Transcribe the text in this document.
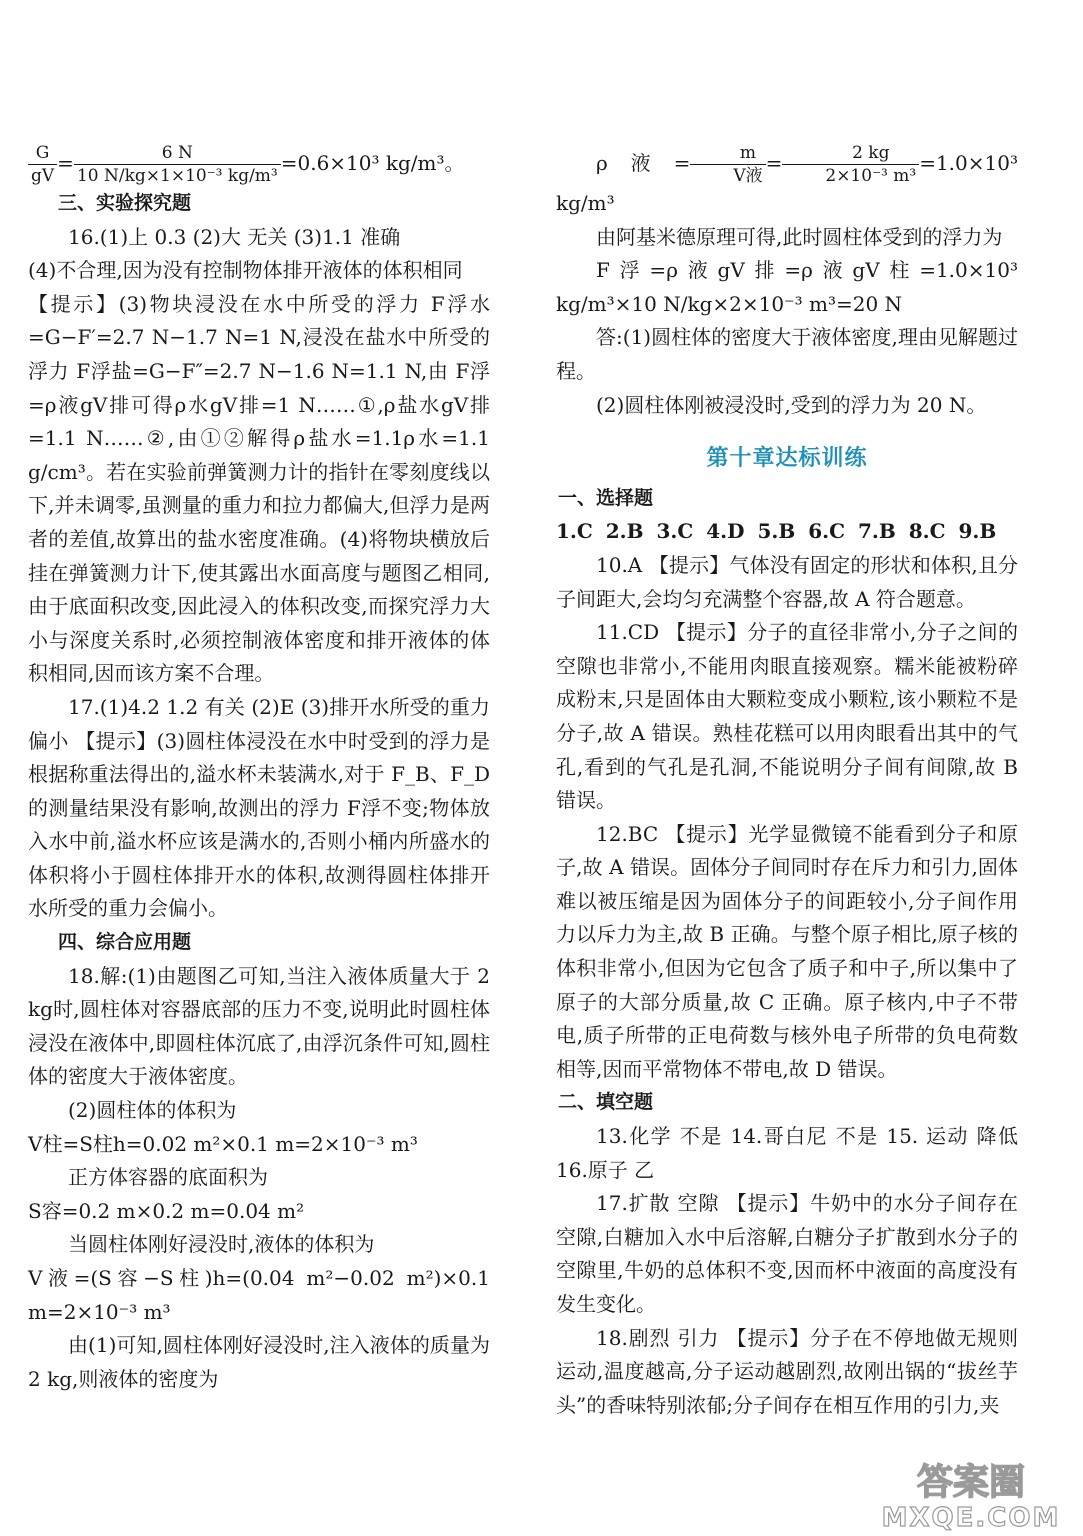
$\frac{G}{gV} = \frac{6 N}{\text{10 N/kg×1×10⁻³ kg/m³}} =0.6\times 10^3$ kg/m³。

三、实验探究题

16.(1)上 0.3 (2)大 无关 (3)1.1 准确

(4)不合理,因为没有控制物体排开液体的体积相同

【提示】(3)物块浸没在水中所受的浮力 F浮水=G−F′=2.7 N−1.7 N=1 N,浸没在盐水中所受的浮力 F浮盐=G−F″=2.7 N−1.6 N=1.1 N,由 F浮=ρ液gV排可得ρ水gV排=1 N……①,ρ盐水gV排=1.1 N……②,由①②解得ρ盐水=1.1ρ水=1.1 g/cm³。若在实验前弹簧测力计的指针在零刻度线以下,并未调零,虽测量的重力和拉力都偏大,但浮力是两者的差值,故算出的盐水密度准确。(4)将物块横放后挂在弹簧测力计下,使其露出水面高度与题图乙相同,由于底面积改变,因此浸入的体积改变,而探究浮力大小与深度关系时,必须控制液体密度和排开液体的体积相同,因而该方案不合理。

17.(1)4.2 1.2 有关 (2)E (3)排开水所受的重力 偏小 【提示】(3)圆柱体浸没在水中时受到的浮力是根据称重法得出的,溢水杯未装满水,对于 F_B、F_D 的测量结果没有影响,故测出的浮力 F浮不变;物体放入水中前,溢水杯应该是满水的,否则小桶内所盛水的体积将小于圆柱体排开水的体积,故测得圆柱体排开水所受的重力会偏小。

四、综合应用题

18.解:(1)由题图乙可知,当注入液体质量大于 2 kg时,圆柱体对容器底部的压力不变,说明此时圆柱体浸没在液体中,即圆柱体沉底了,由浮沉条件可知,圆柱体的密度大于液体密度。

(2)圆柱体的体积为

V柱=S柱h=0.02 m²×0.1 m=2×10⁻³ m³

正方体容器的底面积为

S容=0.2 m×0.2 m=0.04 m²

当圆柱体刚好浸没时,液体的体积为

V液=(S容−S柱)h=(0.04 m²−0.02 m²)×0.1 m=2×10⁻³ m³

由(1)可知,圆柱体刚好浸没时,注入液体的质量为 2 kg,则液体的密度为

ρ液= $\frac{m}{\text{V液}} = \frac{2 kg}{\text{2×10⁻³ m³}} =1.0\times 10^3$ kg/m³

由阿基米德原理可得,此时圆柱体受到的浮力为

F浮=ρ液gV排=ρ液gV柱=1.0×10³ kg/m³×10 N/kg×2×10⁻³ m³=20 N

答:(1)圆柱体的密度大于液体密度,理由见解题过程。

(2)圆柱体刚被浸没时,受到的浮力为 20 N。

第十章达标训练

一、选择题

1.C 2.B 3.C 4.D 5.B 6.C 7.B 8.C 9.B

10.A 【提示】气体没有固定的形状和体积,且分子间距大,会均匀充满整个容器,故 A 符合题意。

11.CD 【提示】分子的直径非常小,分子之间的空隙也非常小,不能用肉眼直接观察。糯米能被粉碎成粉末,只是固体由大颗粒变成小颗粒,该小颗粒不是分子,故 A 错误。熟桂花糕可以用肉眼看出其中的气孔,看到的气孔是孔洞,不能说明分子间有间隙,故 B 错误。

12.BC 【提示】光学显微镜不能看到分子和原子,故 A 错误。固体分子间同时存在斥力和引力,固体难以被压缩是因为固体分子的间距较小,分子间作用力以斥力为主,故 B 正确。与整个原子相比,原子核的体积非常小,但因为它包含了质子和中子,所以集中了原子的大部分质量,故 C 正确。原子核内,中子不带电,质子所带的正电荷数与核外电子所带的负电荷数相等,因而平常物体不带电,故 D 错误。

二、填空题

13.化学 不是 14.哥白尼 不是 15. 运动 降低 16.原子 乙

17.扩散 空隙 【提示】牛奶中的水分子间存在空隙,白糖加入水中后溶解,白糖分子扩散到水分子的空隙里,牛奶的总体积不变,因而杯中液面的高度没有发生变化。

18.剧烈 引力 【提示】分子在不停地做无规则运动,温度越高,分子运动越剧烈,故刚出锅的“拔丝芋头”的香味特别浓郁;分子间存在相互作用的引力,夹

答案圈
MXQE.COM
